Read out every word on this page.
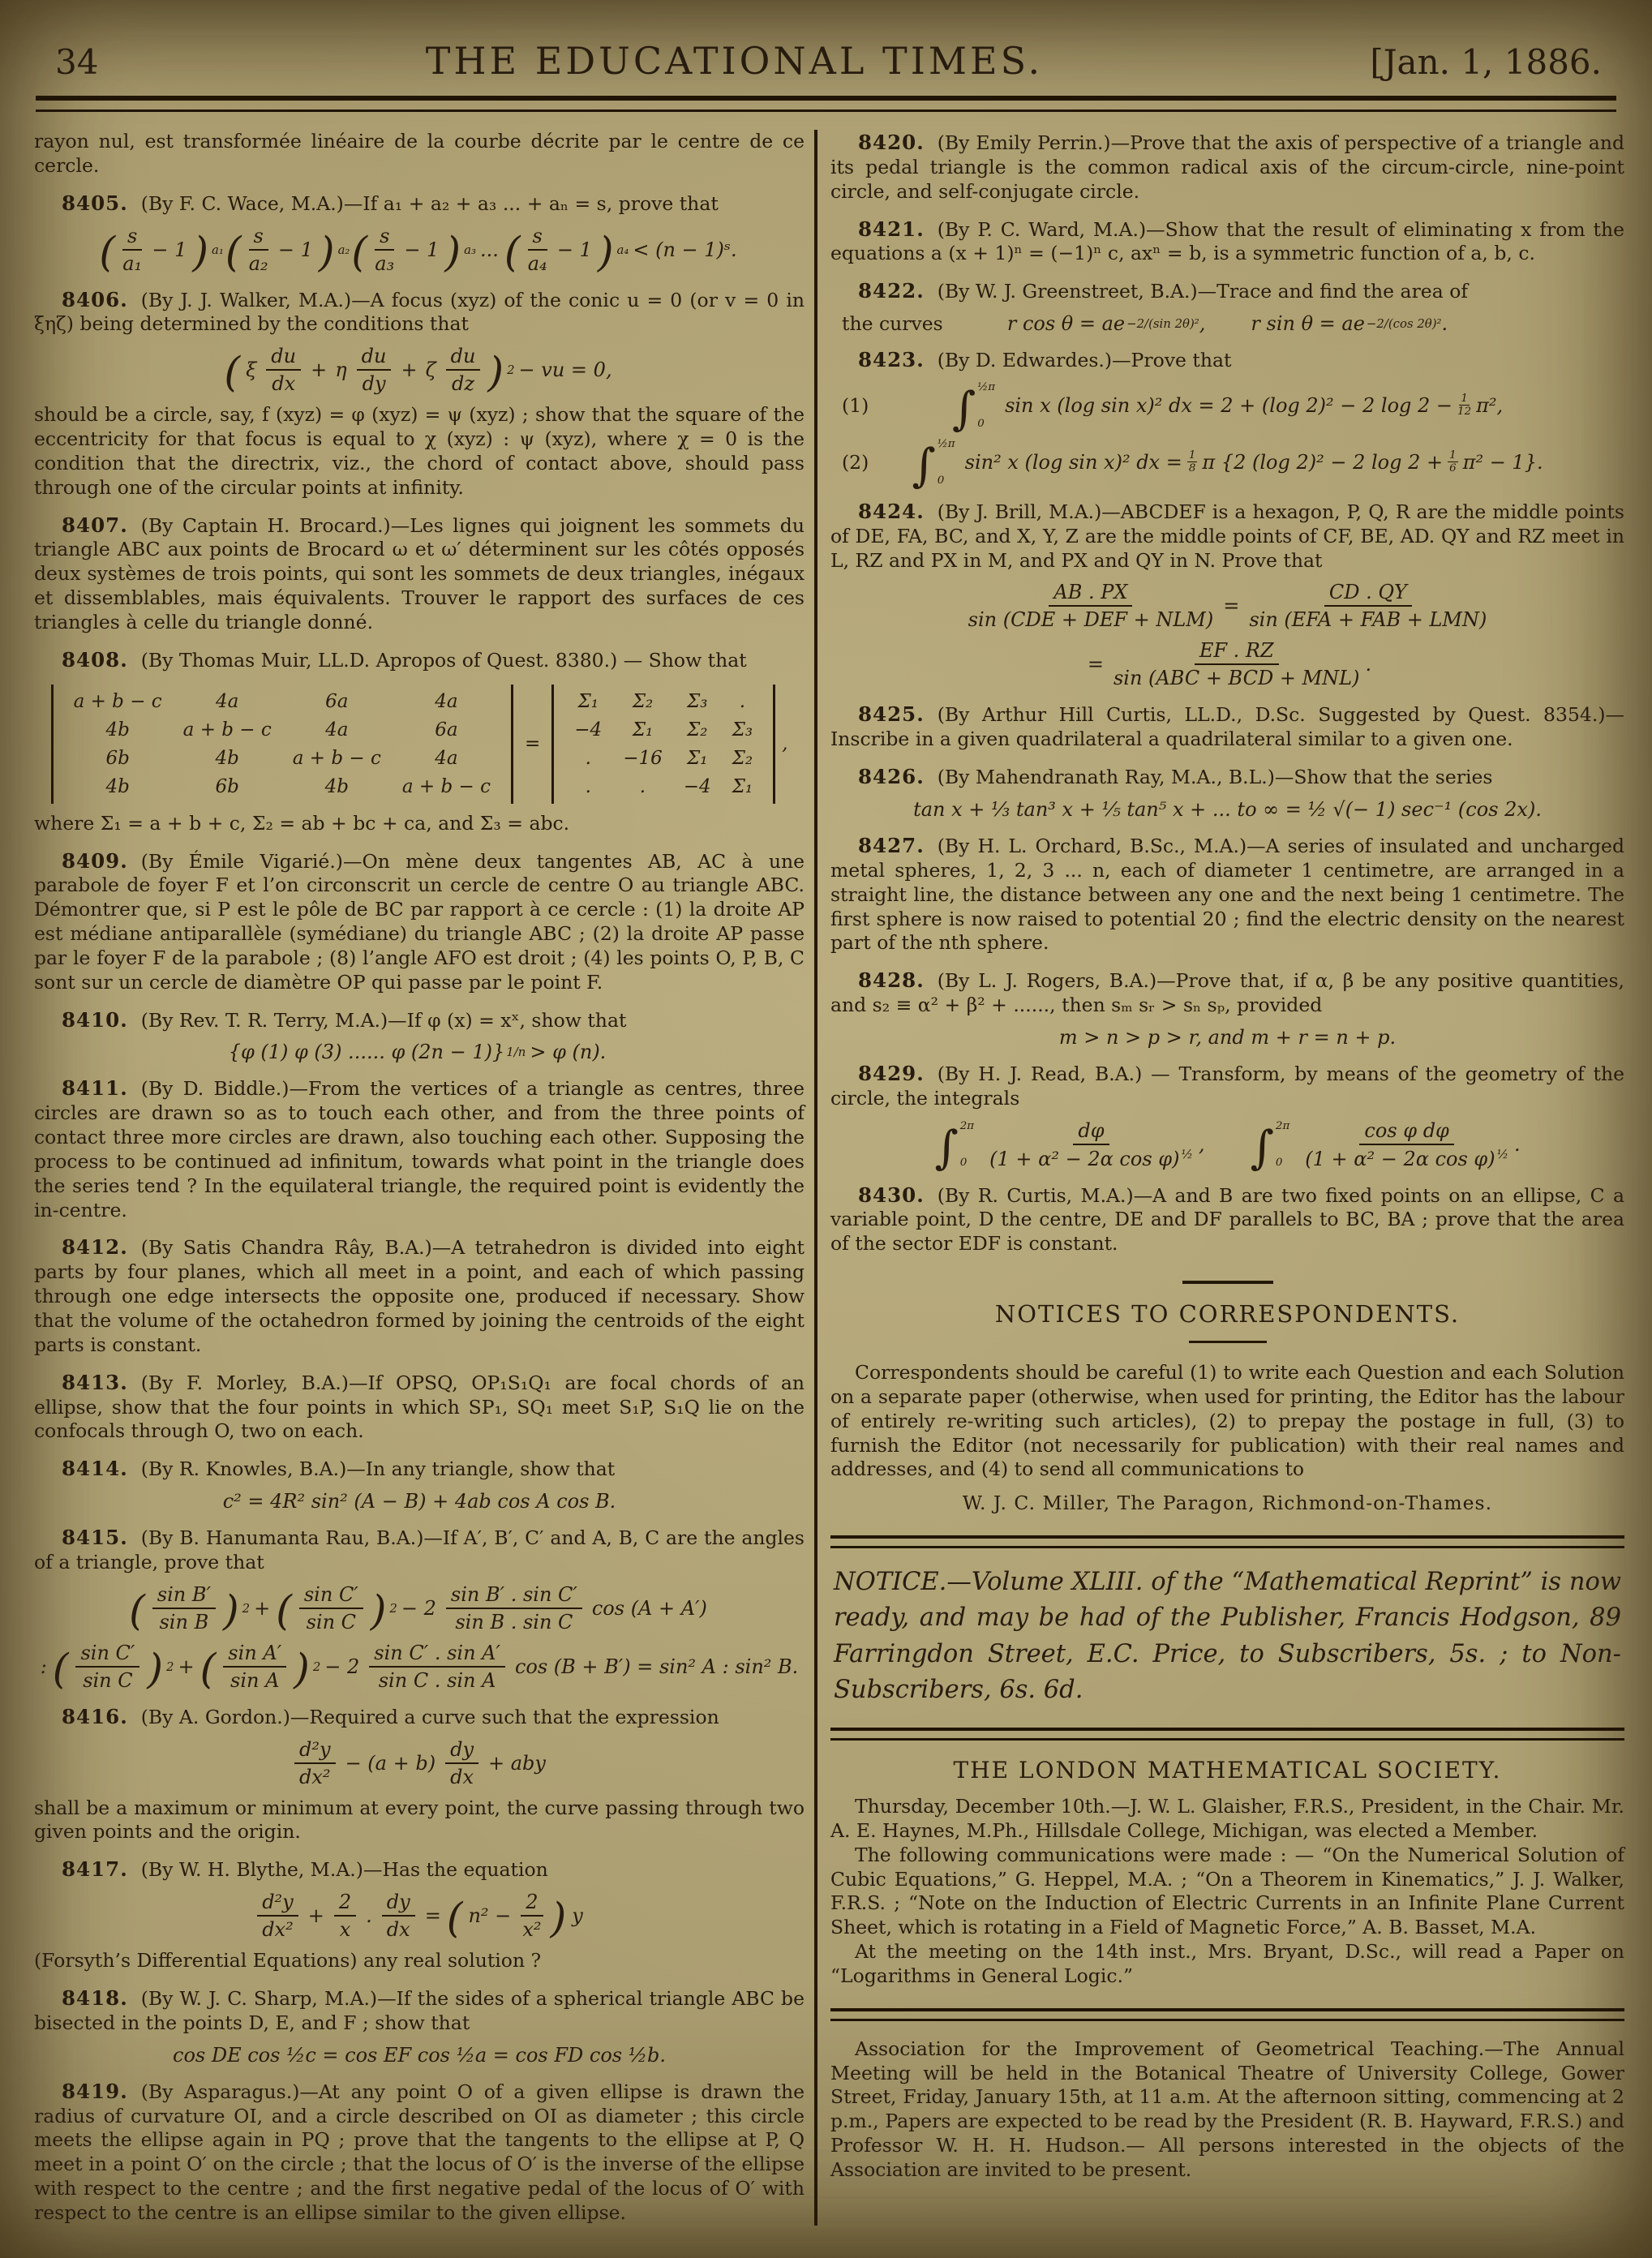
34	THE EDUCATIONAL TIMES.	[Jan. 1, 1886.

rayon nul, est transformée linéaire de la courbe décrite par le centre de ce cercle.

8405. (By F. C. Wace, M.A.)—If a₁ + a₂ + a₃ ... + aₙ = s, prove that

( $\frac{s}{\text{a₁}} - 1$ ) a₁ ( $\frac{s}{\text{a₂}} - 1$ ) a₂ ( $\frac{s}{\text{a₃}} - 1$ ) a₃ ... ( $\frac{s}{\text{a₄}} - 1$ ) a₄ < (n − 1)ˢ.

8406. (By J. J. Walker, M.A.)—A focus (xyz) of the conic u = 0 (or v = 0 in ξηζ) being determined by the conditions that

( ξ $\frac{du}{dx} + \eta \frac{du}{dy} + \zeta \frac{du}{dz}$ ) 2 − vu = 0,

should be a circle, say, f (xyz) = φ (xyz) = ψ (xyz) ; show that the square of the eccentricity for that focus is equal to χ (xyz) : ψ (xyz), where χ = 0 is the condition that the directrix, viz., the chord of contact above, should pass through one of the circular points at infinity.

8407. (By Captain H. Brocard.)—Les lignes qui joignent les sommets du triangle ABC aux points de Brocard ω et ω′ déterminent sur les côtés opposés deux systèmes de trois points, qui sont les sommets de deux triangles, inégaux et dissemblables, mais équivalents. Trouver le rapport des surfaces de ces triangles à celle du triangle donné.

8408. (By Thomas Muir, LL.D. Apropos of Quest. 8380.) — Show that

a + b − c	4a	6a	4a
4b	a + b − c	4a	6a
6b	4b	a + b − c	4a
4b	6b	4b	a + b − c
=
Σ₁	Σ₂	Σ₃	.
−4	Σ₁	Σ₂	Σ₃
.	−16	Σ₁	Σ₂
.	.	−4	Σ₁
,

where Σ₁ = a + b + c, Σ₂ = ab + bc + ca, and Σ₃ = abc.

8409. (By Émile Vigarié.)—On mène deux tangentes AB, AC à une parabole de foyer F et l’on circonscrit un cercle de centre O au triangle ABC. Démontrer que, si P est le pôle de BC par rapport à ce cercle : (1) la droite AP est médiane antiparallèle (symédiane) du triangle ABC ; (2) la droite AP passe par le foyer F de la parabole ; (8) l’angle AFO est droit ; (4) les points O, P, B, C sont sur un cercle de diamètre OP qui passe par le point F.

8410. (By Rev. T. R. Terry, M.A.)—If φ (x) = xˣ, show that

{φ (1) φ (3) ...... φ (2n − 1)} 1/n > φ (n).

8411. (By D. Biddle.)—From the vertices of a triangle as centres, three circles are drawn so as to touch each other, and from the three points of contact three more circles are drawn, also touching each other. Supposing the process to be continued ad infinitum, towards what point in the triangle does the series tend ? In the equilateral triangle, the required point is evidently the in-centre.

8412. (By Satis Chandra Rây, B.A.)—A tetrahedron is divided into eight parts by four planes, which all meet in a point, and each of which passing through one edge intersects the opposite one, produced if necessary. Show that the volume of the octahedron formed by joining the centroids of the eight parts is constant.

8413. (By F. Morley, B.A.)—If OPSQ, OP₁S₁Q₁ are focal chords of an ellipse, show that the four points in which SP₁, SQ₁ meet S₁P, S₁Q lie on the confocals through O, two on each.

8414. (By R. Knowles, B.A.)—In any triangle, show that

c² = 4R² sin² (A − B) + 4ab cos A cos B.

8415. (By B. Hanumanta Rau, B.A.)—If A′, B′, C′ and A, B, C are the angles of a triangle, prove that

( $\frac{\text{sin B′}}{\text{sin B}}$ ) 2 + ( $\frac{\text{sin C′}}{\text{sin C}}$ ) $2 - 2 \frac{\text{sin B′ . sin C′}}{\text{sin B . sin C}}$ cos (A + A′)
: ( $\frac{\text{sin C′}}{\text{sin C}}$ ) 2 + ( $\frac{\text{sin A′}}{\text{sin A}}$ ) $2 - 2 \frac{\text{sin C′ . sin A′}}{\text{sin C . sin A}}$ cos (B + B′) = sin² A : sin² B.

8416. (By A. Gordon.)—Required a curve such that the expression

$\frac{\text{d²y}}{\text{dx²}} - (a + b) \frac{dy}{dx}$ + aby

shall be a maximum or minimum at every point, the curve passing through two given points and the origin.

8417. (By W. H. Blythe, M.A.)—Has the equation

$\frac{\text{d²y}}{\text{dx²}} + \frac{2}{x}$ . $\frac{dy}{dx}$ = ( $n^2 - \frac{2}{\text{x²}}$ ) y

(Forsyth’s Differential Equations) any real solution ?

8418. (By W. J. C. Sharp, M.A.)—If the sides of a spherical triangle ABC be bisected in the points D, E, and F ; show that

cos DE cos ½c = cos EF cos ½a = cos FD cos ½b.

8419. (By Asparagus.)—At any point O of a given ellipse is drawn the radius of curvature OI, and a circle described on OI as diameter ; this circle meets the ellipse again in PQ ; prove that the tangents to the ellipse at P, Q meet in a point O′ on the circle ; that the locus of O′ is the inverse of the ellipse with respect to the centre ; and the first negative pedal of the locus of O′ with respect to the centre is an ellipse similar to the given ellipse.

8420. (By Emily Perrin.)—Prove that the axis of perspective of a triangle and its pedal triangle is the common radical axis of the circum-circle, nine-point circle, and self-conjugate circle.

8421. (By P. C. Ward, M.A.)—Show that the result of eliminating x from the equations a (x + 1)ⁿ = (−1)ⁿ c, axⁿ = b, is a symmetric function of a, b, c.

8422. (By W. J. Greenstreet, B.A.)—Trace and find the area of

the curves	r cos θ = ae −2/(sin 2θ)² , r sin θ = ae −2/(cos 2θ)² .

8423. (By D. Edwardes.)—Prove that

(1) ∫ ½π
0
sin x (log sin x)² dx = 2 + (log 2)² − 2 $\log 2 - \frac{1}{12} \pi^2$,
(2) ∫ ½π
0
sin² x (log sin x)² dx = $\frac{1}{8}$ π {2 (log 2)² − 2 $\log 2 + \frac{1}{6} \pi^2 - 1$}.

8424. (By J. Brill, M.A.)—ABCDEF is a hexagon, P, Q, R are the middle points of DE, FA, BC, and X, Y, Z are the middle points of CF, BE, AD. QY and RZ meet in L, RZ and PX in M, and PX and QY in N. Prove that

$\frac{AB . PX}{\text{sin (CDE + DEF + NLM)}} = \frac{CD . QY}{\text{sin (EFA + FAB + LMN)}}$
= $\frac{EF . RZ}{\text{sin (ABC + BCD + MNL)}}$ .

8425. (By Arthur Hill Curtis, LL.D., D.Sc. Suggested by Quest. 8354.)—Inscribe in a given quadrilateral a quadrilateral similar to a given one.

8426. (By Mahendranath Ray, M.A., B.L.)—Show that the series

tan x + ⅓ tan³ x + ⅕ tan⁵ x + ... to ∞ = ½ √(− 1) sec⁻¹ (cos 2x).

8427. (By H. L. Orchard, B.Sc., M.A.)—A series of insulated and uncharged metal spheres, 1, 2, 3 ... n, each of diameter 1 centimetre, are arranged in a straight line, the distance between any one and the next being 1 centimetre. The first sphere is now raised to potential 20 ; find the electric density on the nearest part of the nth sphere.

8428. (By L. J. Rogers, B.A.)—Prove that, if α, β be any positive quantities, and s₂ ≡ α² + β² + ......, then sₘ sᵣ > sₙ sₚ, provided

m > n > p > r, and m + r = n + p.

8429. (By H. J. Read, B.A.) — Transform, by means of the geometry of the circle, the integrals

∫ 2π
0	$\frac{d\varphi}{(1 + \alpha^2 - 2\alpha \cos \varphi) ^{\frac{1}{2}}}$ , ∫ 2π
0	$\frac{\text{cos φ dφ}}{(1 + \alpha^2 - 2\alpha \cos \varphi) ^{\frac{1}{2}}}$ .

8430. (By R. Curtis, M.A.)—A and B are two fixed points on an ellipse, C a variable point, D the centre, DE and DF parallels to BC, BA ; prove that the area of the sector EDF is constant.

NOTICES TO CORRESPONDENTS.

Correspondents should be careful (1) to write each Question and each Solution on a separate paper (otherwise, when used for printing, the Editor has the labour of entirely re-writing such articles), (2) to prepay the postage in full, (3) to furnish the Editor (not necessarily for publication) with their real names and addresses, and (4) to send all communications to

W. J. C. Miller, The Paragon, Richmond-on-Thames.

NOTICE.—Volume XLIII. of the “Mathematical Reprint” is now ready, and may be had of the Publisher, Francis Hodgson, 89 Farringdon Street, E.C. Price, to Subscribers, 5s. ; to Non-Subscribers, 6s. 6d.

THE LONDON MATHEMATICAL SOCIETY.

Thursday, December 10th.—J. W. L. Glaisher, F.R.S., President, in the Chair. Mr. A. E. Haynes, M.Ph., Hillsdale College, Michigan, was elected a Member.

The following communications were made : — “On the Numerical Solution of Cubic Equations,” G. Heppel, M.A. ; “On a Theorem in Kinematics,” J. J. Walker, F.R.S. ; “Note on the Induction of Electric Currents in an Infinite Plane Current Sheet, which is rotating in a Field of Magnetic Force,” A. B. Basset, M.A.

At the meeting on the 14th inst., Mrs. Bryant, D.Sc., will read a Paper on “Logarithms in General Logic.”

Association for the Improvement of Geometrical Teaching.—The Annual Meeting will be held in the Botanical Theatre of University College, Gower Street, Friday, January 15th, at 11 a.m. At the afternoon sitting, commencing at 2 p.m., Papers are expected to be read by the President (R. B. Hayward, F.R.S.) and Professor W. H. H. Hudson.— All persons interested in the objects of the Association are invited to be present.
